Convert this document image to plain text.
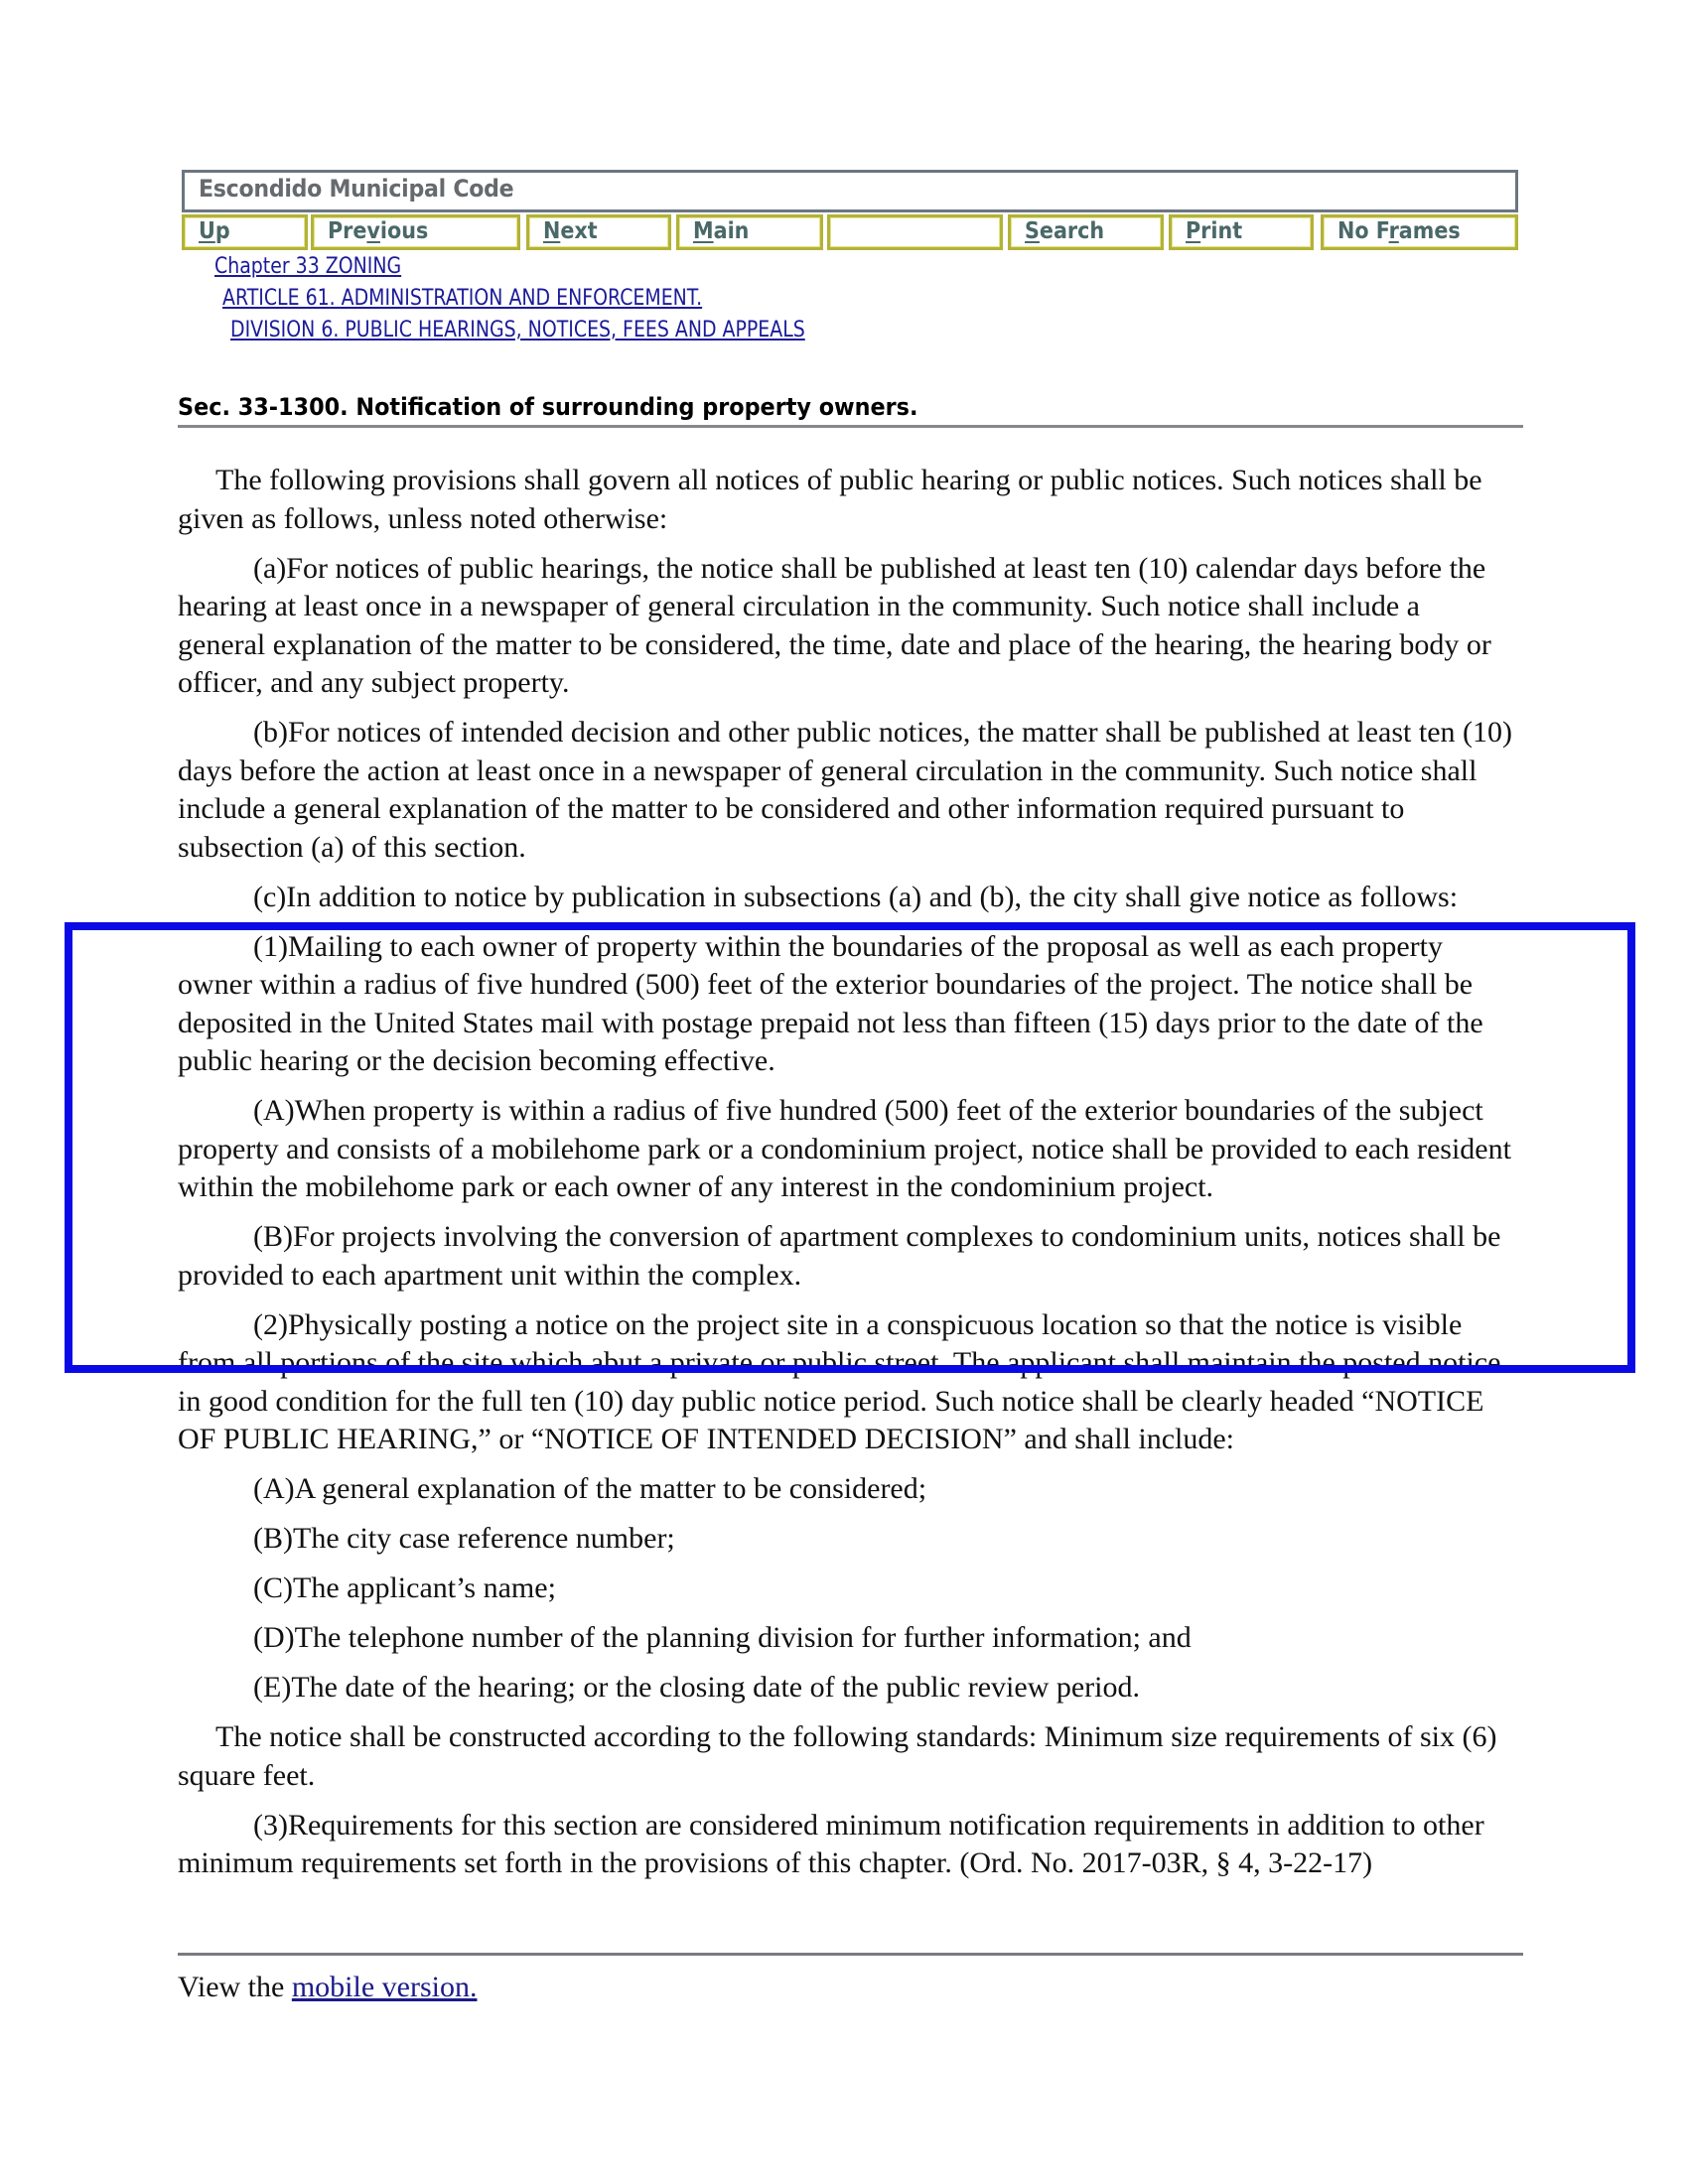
Escondido Municipal Code
Up	Previous	Next	Main	Search	Print	No Frames
Chapter 33 ZONING
ARTICLE 61. ADMINISTRATION AND ENFORCEMENT.
DIVISION 6. PUBLIC HEARINGS, NOTICES, FEES AND APPEALS
Sec. 33-1300. Notification of surrounding property owners.

The following provisions shall govern all notices of public hearing or public notices. Such notices shall be given as follows, unless noted otherwise:

(a)For notices of public hearings, the notice shall be published at least ten (10) calendar days before the hearing at least once in a newspaper of general circulation in the community. Such notice shall include a general explanation of the matter to be considered, the time, date and place of the hearing, the hearing body or officer, and any subject property.

(b)For notices of intended decision and other public notices, the matter shall be published at least ten (10) days before the action at least once in a newspaper of general circulation in the community. Such notice shall include a general explanation of the matter to be considered and other information required pursuant to subsection (a) of this section.

(c)In addition to notice by publication in subsections (a) and (b), the city shall give notice as follows:

(1)Mailing to each owner of property within the boundaries of the proposal as well as each property owner within a radius of five hundred (500) feet of the exterior boundaries of the project. The notice shall be deposited in the United States mail with postage prepaid not less than fifteen (15) days prior to the date of the public hearing or the decision becoming effective.

(A)When property is within a radius of five hundred (500) feet of the exterior boundaries of the subject property and consists of a mobilehome park or a condominium project, notice shall be provided to each resident within the mobilehome park or each owner of any interest in the condominium project.

(B)For projects involving the conversion of apartment complexes to condominium units, notices shall be provided to each apartment unit within the complex.

(2)Physically posting a notice on the project site in a conspicuous location so that the notice is visible from all portions of the site which abut a private or public street. The applicant shall maintain the posted notice in good condition for the full ten (10) day public notice period. Such notice shall be clearly headed “NOTICE OF PUBLIC HEARING,” or “NOTICE OF INTENDED DECISION” and shall include:

(A)A general explanation of the matter to be considered;

(B)The city case reference number;

(C)The applicant’s name;

(D)The telephone number of the planning division for further information; and

(E)The date of the hearing; or the closing date of the public review period.

The notice shall be constructed according to the following standards: Minimum size requirements of six (6) square feet.

(3)Requirements for this section are considered minimum notification requirements in addition to other minimum requirements set forth in the provisions of this chapter. (Ord. No. 2017-03R, § 4, 3-22-17)

View the mobile version.
